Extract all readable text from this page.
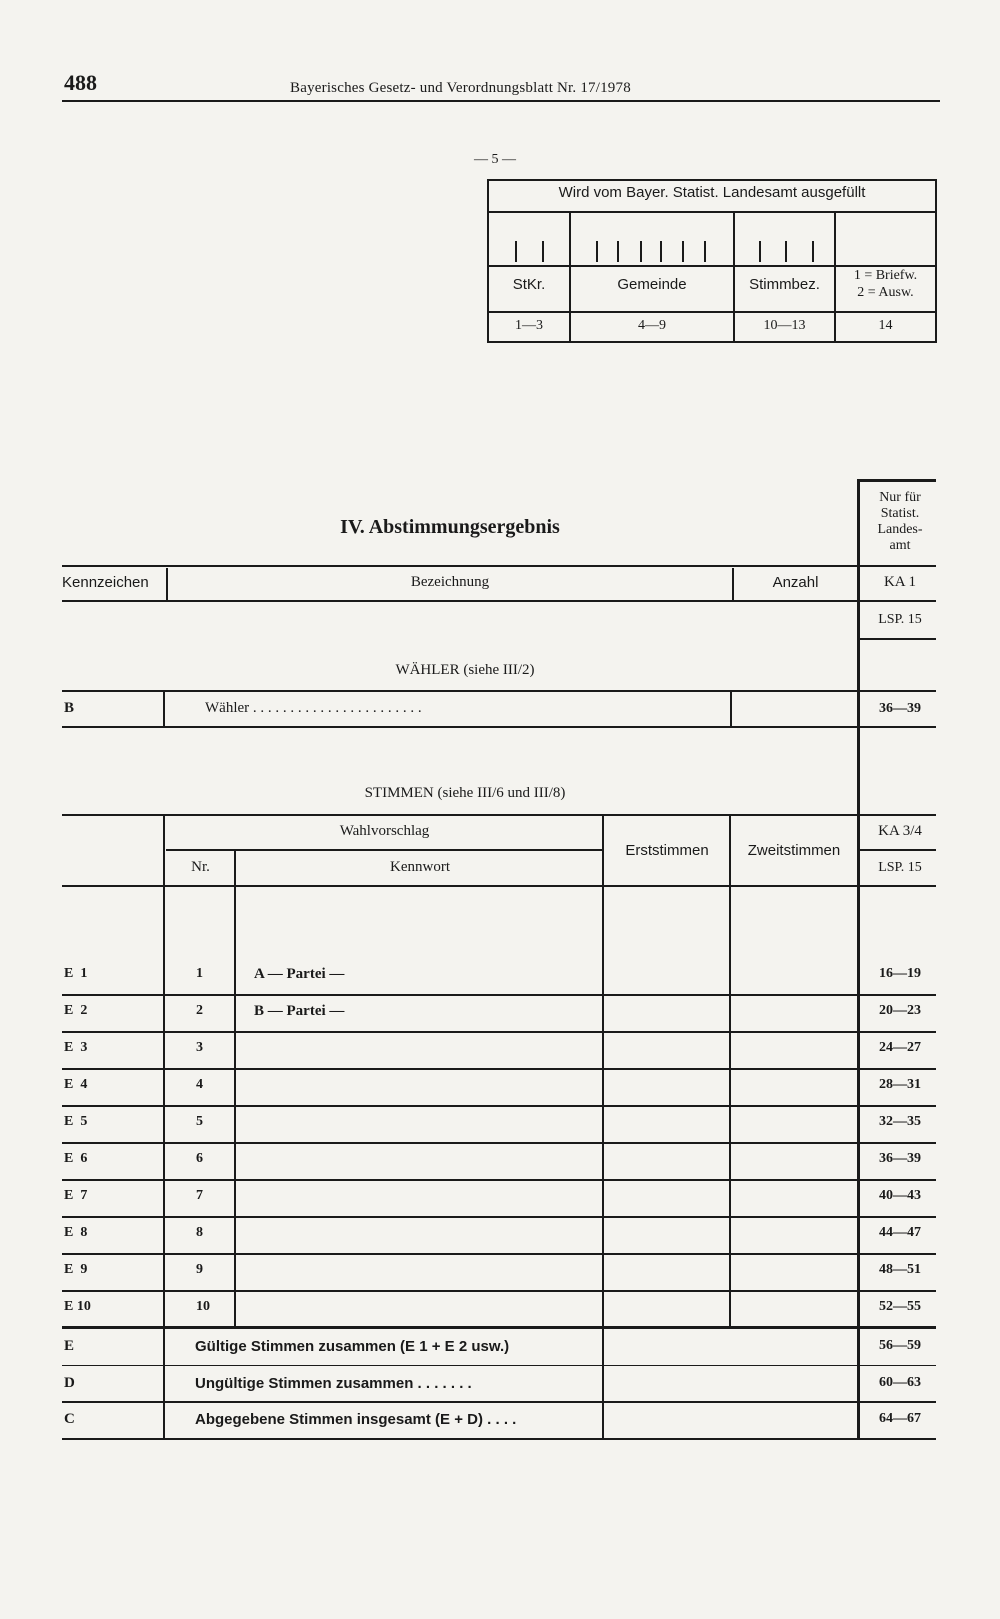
488	Bayerisches Gesetz- und Verordnungsblatt Nr. 17/1978
— 5 —
Wird vom Bayer. Statist. Landesamt ausgefüllt
StKr.	Gemeinde	Stimmbez.
1 = Briefw.
2 = Ausw.
1—3	4—9	10—13	14
IV. Abstimmungsergebnis
Nur für
Statist.
Landes-
amt
Kennzeichen	Bezeichnung	Anzahl	KA 1
LSP. 15
WÄHLER (siehe III/2)
B	Wähler . . . . . . . . . . . . . . . . . . . . . . .	36—39
STIMMEN (siehe III/6 und III/8)
Wahlvorschlag
Nr.	Kennwort
Erststimmen	Zweitstimmen
KA 3/4
LSP. 15
E  1	1	A — Partei —	16—19
E  2	2	B — Partei —	20—23
E  3	3	24—27
E  4	4	28—31
E  5	5	32—35
E  6	6	36—39
E  7	7	40—43
E  8	8	44—47
E  9	9	48—51
E 10	10	52—55
E	Gültige Stimmen zusammen (E 1 + E 2 usw.)	56—59
D	Ungültige Stimmen zusammen . . . . . . .	60—63
C	Abgegebene Stimmen insgesamt (E + D) . . . .	64—67
